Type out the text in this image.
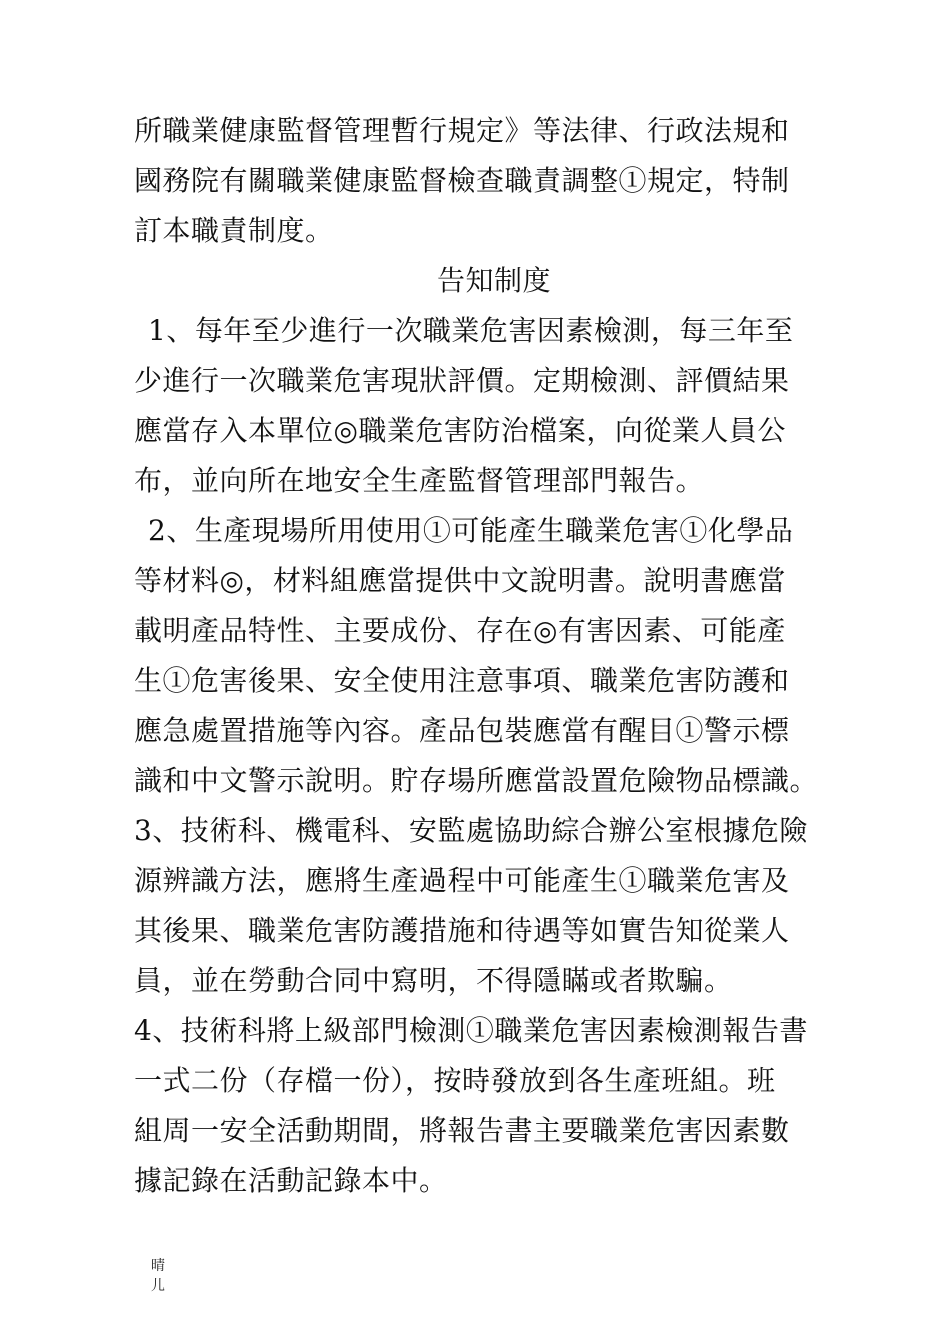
所職業健康監督管理暫行規定》等法律、行政法規和
國務院有關職業健康監督檢查職責調整①規定，特制
訂本職責制度。
告知制度
1、每年至少進行一次職業危害因素檢測，每三年至
少進行一次職業危害現狀評價。定期檢測、評價結果
應當存入本單位◎職業危害防治檔案，向從業人員公
布，並向所在地安全生產監督管理部門報告。
2、生產現場所用使用①可能產生職業危害①化學品
等材料◎，材料組應當提供中文說明書。說明書應當
載明產品特性、主要成份、存在◎有害因素、可能產
生①危害後果、安全使用注意事項、職業危害防護和
應急處置措施等內容。產品包裝應當有醒目①警示標
識和中文警示說明。貯存場所應當設置危險物品標識。
3、技術科、機電科、安監處協助綜合辦公室根據危險
源辨識方法，應將生產過程中可能產生①職業危害及
其後果、職業危害防護措施和待遇等如實告知從業人
員，並在勞動合同中寫明，不得隱瞞或者欺騙。
4、技術科將上級部門檢測①職業危害因素檢測報告書
一式二份（存檔一份），按時發放到各生產班組。班
組周一安全活動期間，將報告書主要職業危害因素數
據記錄在活動記錄本中。
晴
儿
